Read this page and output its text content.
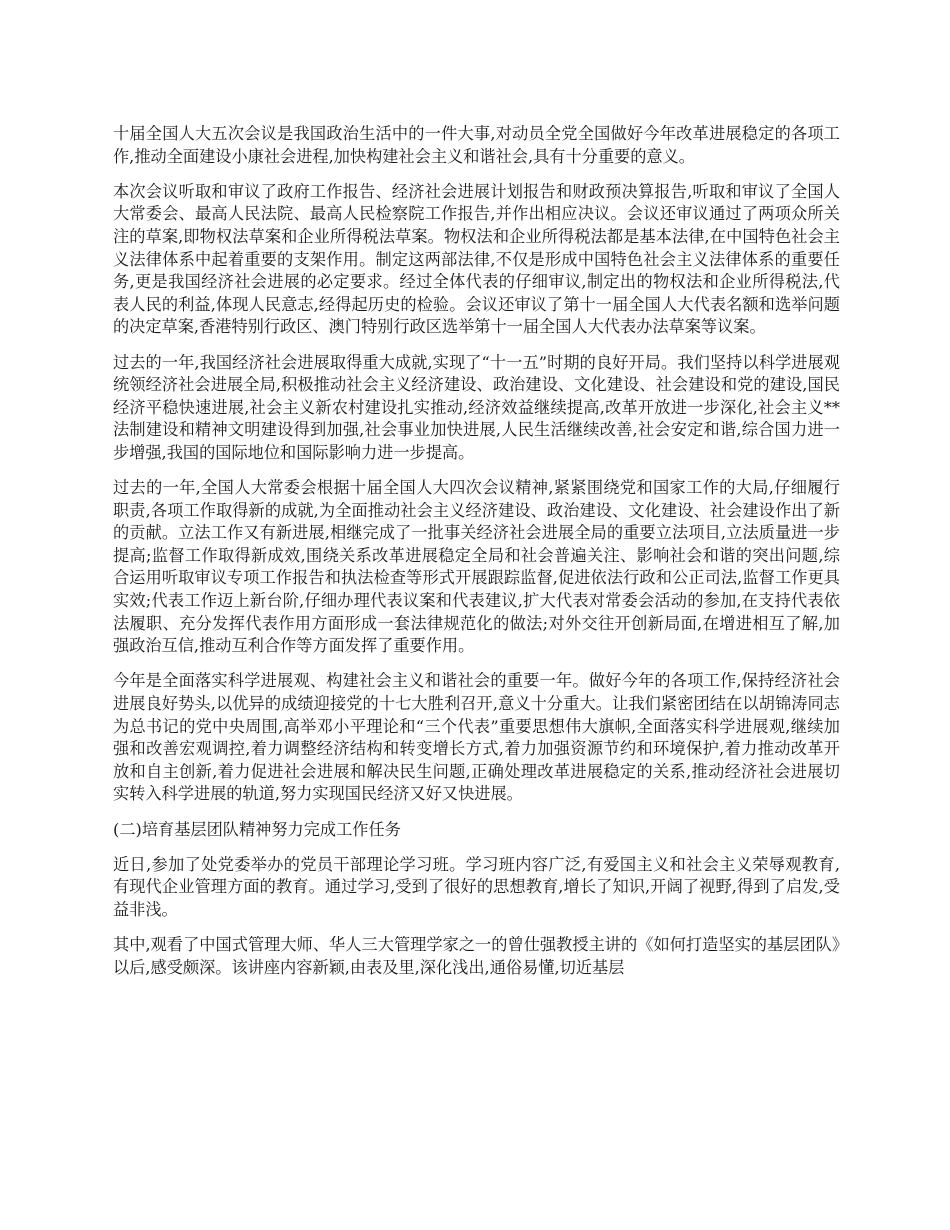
十届全国人大五次会议是我国政治生活中的一件大事,对动员全党全国做好今年改革进展稳定的各项工作,推动全面建设小康社会进程,加快构建社会主义和谐社会,具有十分重要的意义。

本次会议听取和审议了政府工作报告、经济社会进展计划报告和财政预决算报告,听取和审议了全国人大常委会、最高人民法院、最高人民检察院工作报告,并作出相应决议。会议还审议通过了两项众所关注的草案,即物权法草案和企业所得税法草案。物权法和企业所得税法都是基本法律,在中国特色社会主义法律体系中起着重要的支架作用。制定这两部法律,不仅是形成中国特色社会主义法律体系的重要任务,更是我国经济社会进展的必定要求。经过全体代表的仔细审议,制定出的物权法和企业所得税法,代表人民的利益,体现人民意志,经得起历史的检验。会议还审议了第十一届全国人大代表名额和选举问题的决定草案,香港特别行政区、澳门特别行政区选举第十一届全国人大代表办法草案等议案。

过去的一年,我国经济社会进展取得重大成就,实现了“十一五”时期的良好开局。我们坚持以科学进展观统领经济社会进展全局,积极推动社会主义经济建设、政治建设、文化建设、社会建设和党的建设,国民经济平稳快速进展,社会主义新农村建设扎实推动,经济效益继续提高,改革开放进一步深化,社会主义**法制建设和精神文明建设得到加强,社会事业加快进展,人民生活继续改善,社会安定和谐,综合国力进一步增强,我国的国际地位和国际影响力进一步提高。

过去的一年,全国人大常委会根据十届全国人大四次会议精神,紧紧围绕党和国家工作的大局,仔细履行职责,各项工作取得新的成就,为全面推动社会主义经济建设、政治建设、文化建设、社会建设作出了新的贡献。立法工作又有新进展,相继完成了一批事关经济社会进展全局的重要立法项目,立法质量进一步提高;监督工作取得新成效,围绕关系改革进展稳定全局和社会普遍关注、影响社会和谐的突出问题,综合运用听取审议专项工作报告和执法检查等形式开展跟踪监督,促进依法行政和公正司法,监督工作更具实效;代表工作迈上新台阶,仔细办理代表议案和代表建议,扩大代表对常委会活动的参加,在支持代表依法履职、充分发挥代表作用方面形成一套法律规范化的做法;对外交往开创新局面,在增进相互了解,加强政治互信,推动互利合作等方面发挥了重要作用。

今年是全面落实科学进展观、构建社会主义和谐社会的重要一年。做好今年的各项工作,保持经济社会进展良好势头,以优异的成绩迎接党的十七大胜利召开,意义十分重大。让我们紧密团结在以胡锦涛同志为总书记的党中央周围,高举邓小平理论和“三个代表”重要思想伟大旗帜,全面落实科学进展观,继续加强和改善宏观调控,着力调整经济结构和转变增长方式,着力加强资源节约和环境保护,着力推动改革开放和自主创新,着力促进社会进展和解决民生问题,正确处理改革进展稳定的关系,推动经济社会进展切实转入科学进展的轨道,努力实现国民经济又好又快进展。

(二)培育基层团队精神努力完成工作任务

近日,参加了处党委举办的党员干部理论学习班。学习班内容广泛,有爱国主义和社会主义荣辱观教育,有现代企业管理方面的教育。通过学习,受到了很好的思想教育,增长了知识,开阔了视野,得到了启发,受益非浅。

其中,观看了中国式管理大师、华人三大管理学家之一的曾仕强教授主讲的《如何打造坚实的基层团队》以后,感受颇深。该讲座内容新颖,由表及里,深化浅出,通俗易懂,切近基层
